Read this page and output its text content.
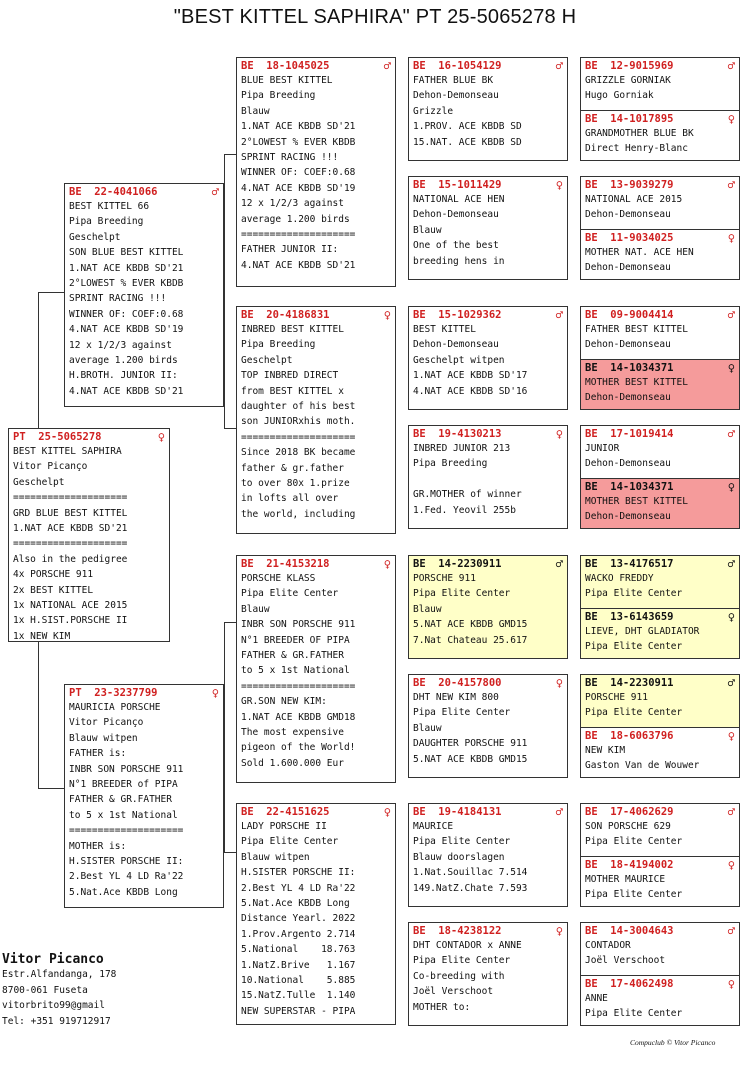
"BEST KITTEL SAPHIRA" PT 25-5065278 H
PT  25-5065278	♀
BEST KITTEL SAPHIRA
Vitor Picanço
Geschelpt
====================
GRD BLUE BEST KITTEL
1.NAT ACE KBDB SD'21
====================
Also in the pedigree
4x PORSCHE 911
2x BEST KITTEL
1x NATIONAL ACE 2015
1x H.SIST.PORSCHE II
1x NEW KIM
BE  22-4041066	♂
BEST KITTEL 66
Pipa Breeding
Geschelpt
SON BLUE BEST KITTEL
1.NAT ACE KBDB SD'21
2°LOWEST % EVER KBDB
SPRINT RACING !!!
WINNER OF: COEF:0.68
4.NAT ACE KBDB SD'19
12 x 1/2/3 against
average 1.200 birds
H.BROTH. JUNIOR II:
4.NAT ACE KBDB SD'21
PT  23-3237799	♀
MAURICIA PORSCHE
Vitor Picanço
Blauw witpen
FATHER is:
INBR SON PORSCHE 911
N°1 BREEDER of PIPA
FATHER & GR.FATHER
to 5 x 1st National
====================
MOTHER is:
H.SISTER PORSCHE II:
2.Best YL 4 LD Ra'22
5.Nat.Ace KBDB Long
BE  18-1045025	♂
BLUE BEST KITTEL
Pipa Breeding
Blauw
1.NAT ACE KBDB SD'21
2°LOWEST % EVER KBDB
SPRINT RACING !!!
WINNER OF: COEF:0.68
4.NAT ACE KBDB SD'19
12 x 1/2/3 against
average 1.200 birds
====================
FATHER JUNIOR II:
4.NAT ACE KBDB SD'21
BE  20-4186831	♀
INBRED BEST KITTEL
Pipa Breeding
Geschelpt
TOP INBRED DIRECT
from BEST KITTEL x
daughter of his best
son JUNIORxhis moth.
====================
Since 2018 BK became
father & gr.father
to over 80x 1.prize
in lofts all over
the world, including
BE  21-4153218	♀
PORSCHE KLASS
Pipa Elite Center
Blauw
INBR SON PORSCHE 911
N°1 BREEDER OF PIPA
FATHER & GR.FATHER
to 5 x 1st National
====================
GR.SON NEW KIM:
1.NAT ACE KBDB GMD18
The most expensive
pigeon of the World!
Sold 1.600.000 Eur
BE  22-4151625	♀
LADY PORSCHE II
Pipa Elite Center
Blauw witpen
H.SISTER PORSCHE II:
2.Best YL 4 LD Ra'22
5.Nat.Ace KBDB Long
Distance Yearl. 2022
1.Prov.Argento 2.714
5.National    18.763
1.NatZ.Brive   1.167
10.National    5.885
15.NatZ.Tulle  1.140
NEW SUPERSTAR - PIPA
BE  16-1054129	♂
FATHER BLUE BK
Dehon-Demonseau
Grizzle
1.PROV. ACE KBDB SD
15.NAT. ACE KBDB SD
BE  15-1011429	♀
NATIONAL ACE HEN
Dehon-Demonseau
Blauw
One of the best
breeding hens in
BE  15-1029362	♂
BEST KITTEL
Dehon-Demonseau
Geschelpt witpen
1.NAT ACE KBDB SD'17
4.NAT ACE KBDB SD'16
BE  19-4130213	♀
INBRED JUNIOR 213
Pipa Breeding

GR.MOTHER of winner
1.Fed. Yeovil 255b
BE  14-2230911	♂
PORSCHE 911
Pipa Elite Center
Blauw
5.NAT ACE KBDB GMD15
7.Nat Chateau 25.617
BE  20-4157800	♀
DHT NEW KIM 800
Pipa Elite Center
Blauw
DAUGHTER PORSCHE 911
5.NAT ACE KBDB GMD15
BE  19-4184131	♂
MAURICE
Pipa Elite Center
Blauw doorslagen
1.Nat.Souillac 7.514
149.NatZ.Chate 7.593
BE  18-4238122	♀
DHT CONTADOR x ANNE
Pipa Elite Center
Co-breeding with
Joël Verschoot
MOTHER to:
BE  12-9015969	♂
GRIZZLE GORNIAK
Hugo Gorniak
BE  14-1017895	♀
GRANDMOTHER BLUE BK
Direct Henry-Blanc
BE  13-9039279	♂
NATIONAL ACE 2015
Dehon-Demonseau
BE  11-9034025	♀
MOTHER NAT. ACE HEN
Dehon-Demonseau
BE  09-9004414	♂
FATHER BEST KITTEL
Dehon-Demonseau
BE  14-1034371	♀
MOTHER BEST KITTEL
Dehon-Demonseau
BE  17-1019414	♂
JUNIOR
Dehon-Demonseau
BE  14-1034371	♀
MOTHER BEST KITTEL
Dehon-Demonseau
BE  13-4176517	♂
WACKO FREDDY
Pipa Elite Center
BE  13-6143659	♀
LIEVE, DHT GLADIATOR
Pipa Elite Center
BE  14-2230911	♂
PORSCHE 911
Pipa Elite Center
BE  18-6063796	♀
NEW KIM
Gaston Van de Wouwer
BE  17-4062629	♂
SON PORSCHE 629
Pipa Elite Center
BE  18-4194002	♀
MOTHER MAURICE
Pipa Elite Center
BE  14-3004643	♂
CONTADOR
Joël Verschoot
BE  17-4062498	♀
ANNE
Pipa Elite Center
Vitor Picanco
Estr.Alfandanga, 178
8700-061 Fuseta
vitorbrito99@gmail
Tel: +351 919712917
Compuclub © Vitor Picanco
